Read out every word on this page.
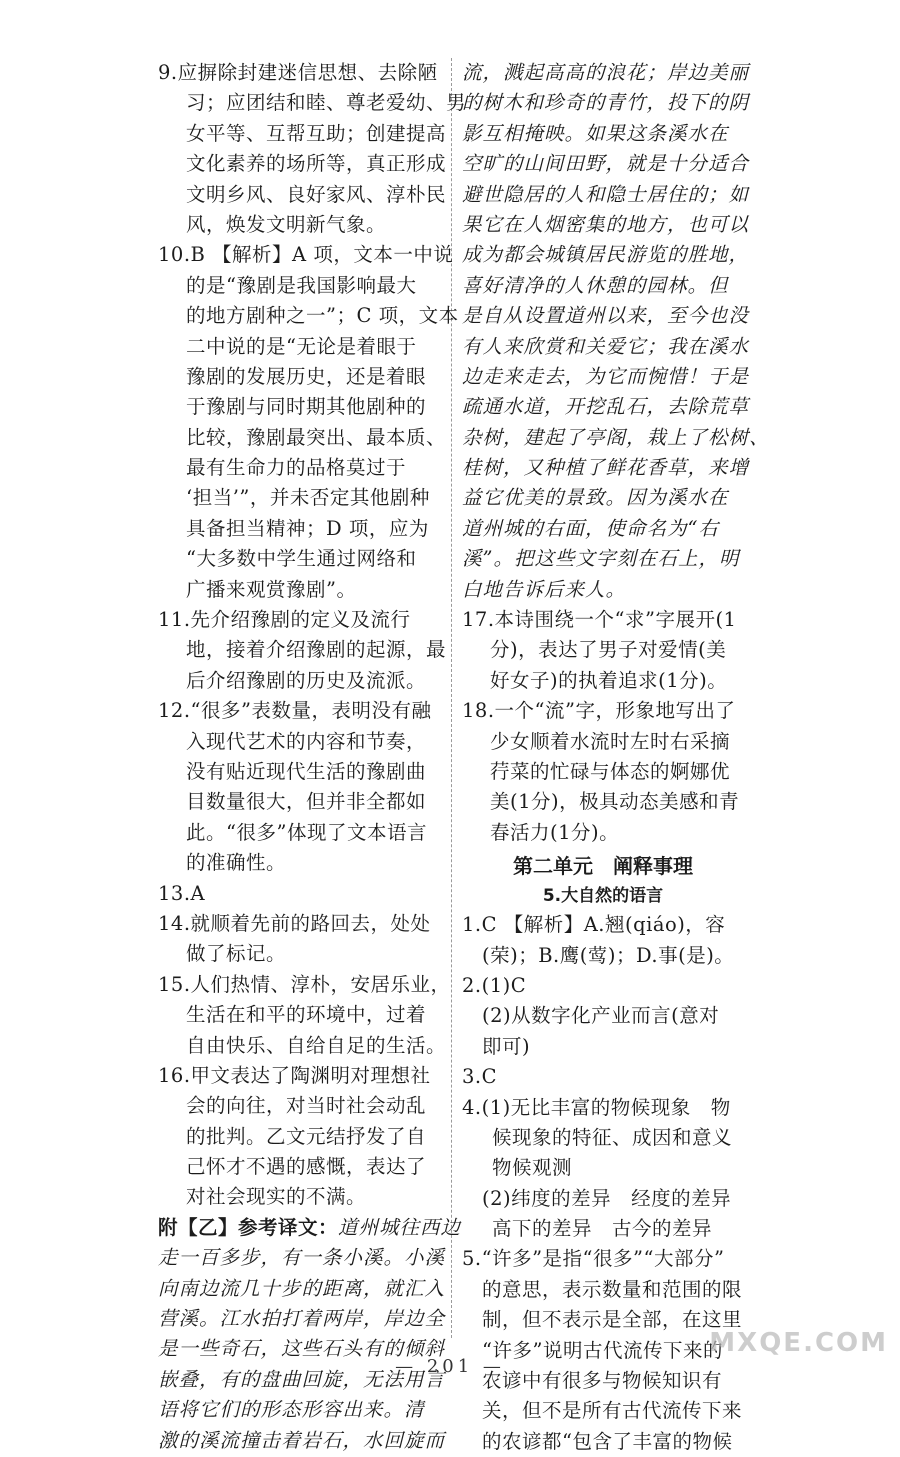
9.应摒除封建迷信思想、去除陋
习；应团结和睦、尊老爱幼、男
女平等、互帮互助；创建提高
文化素养的场所等，真正形成
文明乡风、良好家风、淳朴民
风，焕发文明新气象。
10.B 【解析】A 项，文本一中说
的是“豫剧是我国影响最大
的地方剧种之一”；C 项，文本
二中说的是“无论是着眼于
豫剧的发展历史，还是着眼
于豫剧与同时期其他剧种的
比较，豫剧最突出、最本质、
最有生命力的品格莫过于
‘担当’”，并未否定其他剧种
具备担当精神；D 项，应为
“大多数中学生通过网络和
广播来观赏豫剧”。
11.先介绍豫剧的定义及流行
地，接着介绍豫剧的起源，最
后介绍豫剧的历史及流派。
12.“很多”表数量，表明没有融
入现代艺术的内容和节奏，
没有贴近现代生活的豫剧曲
目数量很大，但并非全都如
此。“很多”体现了文本语言
的准确性。
13.A
14.就顺着先前的路回去，处处
做了标记。
15.人们热情、淳朴，安居乐业，
生活在和平的环境中，过着
自由快乐、自给自足的生活。
16.甲文表达了陶渊明对理想社
会的向往，对当时社会动乱
的批判。乙文元结抒发了自
己怀才不遇的感慨，表达了
对社会现实的不满。
附【乙】参考译文：道州城往西边
走一百多步，有一条小溪。小溪
向南边流几十步的距离，就汇入
营溪。江水拍打着两岸，岸边全
是一些奇石，这些石头有的倾斜
嵌叠，有的盘曲回旋，无法用言
语将它们的形态形容出来。清
激的溪流撞击着岩石，水回旋而
流，溅起高高的浪花；岸边美丽
的树木和珍奇的青竹，投下的阴
影互相掩映。如果这条溪水在
空旷的山间田野，就是十分适合
避世隐居的人和隐士居住的；如
果它在人烟密集的地方，也可以
成为都会城镇居民游览的胜地，
喜好清净的人休憩的园林。但
是自从设置道州以来，至今也没
有人来欣赏和关爱它；我在溪水
边走来走去，为它而惋惜！于是
疏通水道，开挖乱石，去除荒草
杂树，建起了亭阁，栽上了松树、
桂树，又种植了鲜花香草，来增
益它优美的景致。因为溪水在
道州城的右面，使命名为“右
溪”。把这些文字刻在石上，明
白地告诉后来人。
17.本诗围绕一个“求”字展开(1
分)，表达了男子对爱情(美
好女子)的执着追求(1分)。
18.一个“流”字，形象地写出了
少女顺着水流时左时右采摘
荇菜的忙碌与体态的婀娜优
美(1分)，极具动态美感和青
春活力(1分)。
第二单元　阐释事理
5.大自然的语言
1.C 【解析】A.翘(qiáo)，容
(荣)；B.鹰(莺)；D.事(是)。
2.(1)C
(2)从数字化产业而言(意对
即可)
3.C
4.(1)无比丰富的物候现象　物
候现象的特征、成因和意义
物候观测
(2)纬度的差异　经度的差异
高下的差异　古今的差异
5.“许多”是指“很多”“大部分”
的意思，表示数量和范围的限
制，但不表示是全部，在这里
“许多”说明古代流传下来的
农谚中有很多与物候知识有
关，但不是所有古代流传下来
的农谚都“包含了丰富的物候
— 201 —
MXQE.COM
